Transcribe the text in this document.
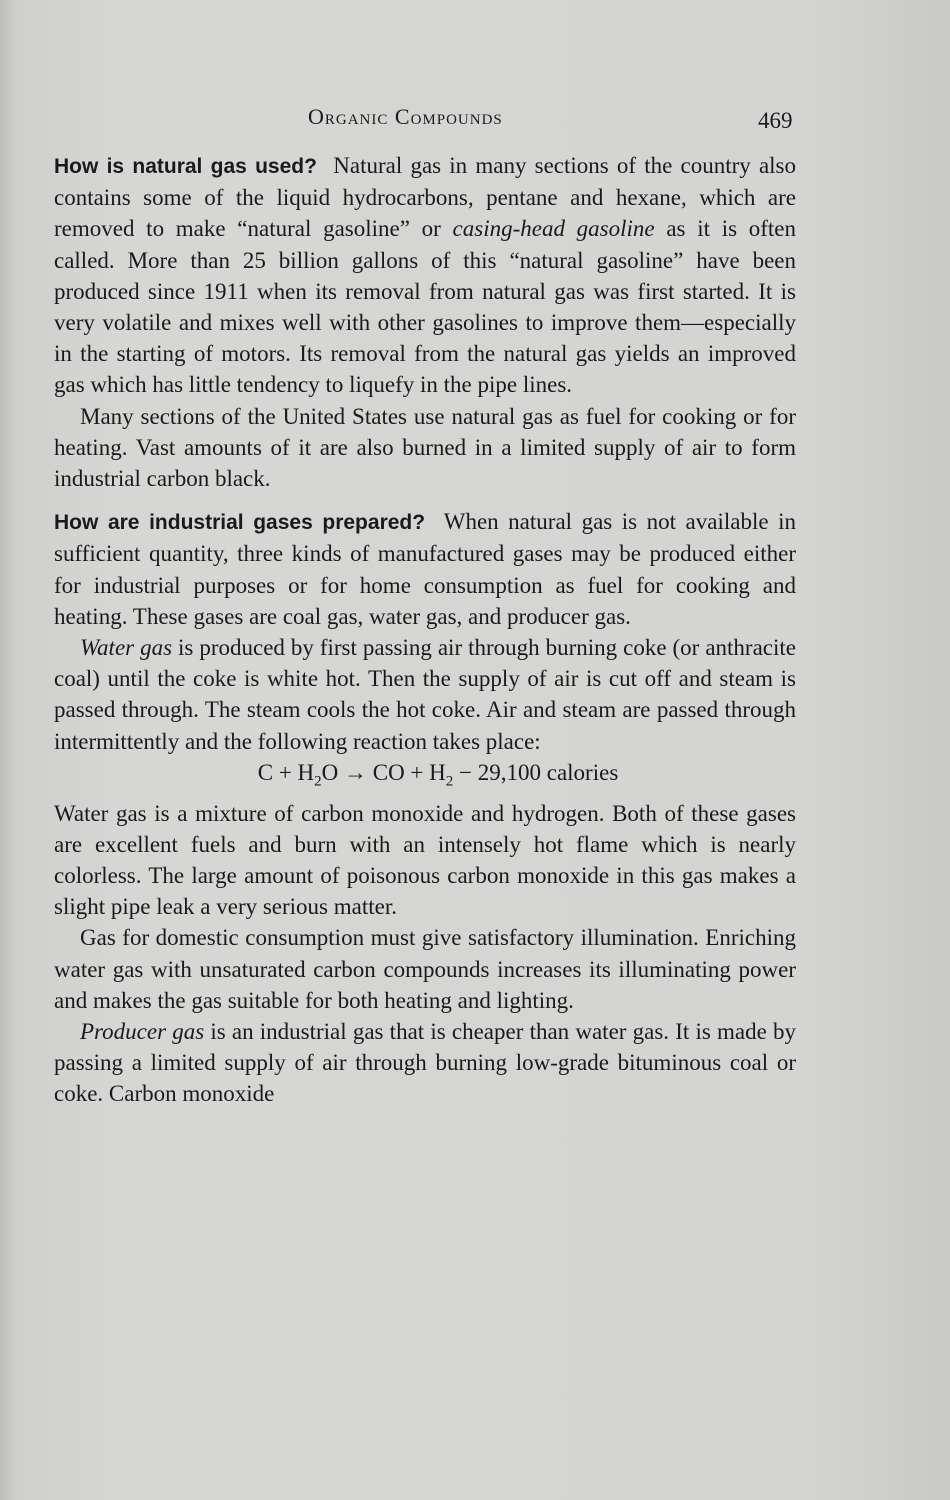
Organic Compounds	469

How is natural gas used? Natural gas in many sections of the country also contains some of the liquid hydrocarbons, pentane and hexane, which are removed to make “natural gasoline” or casing-head gasoline as it is often called. More than 25 billion gallons of this “natural gasoline” have been produced since 1911 when its removal from natural gas was first started. It is very volatile and mixes well with other gasolines to improve them—especially in the starting of motors. Its removal from the natural gas yields an improved gas which has little tendency to liquefy in the pipe lines.

Many sections of the United States use natural gas as fuel for cooking or for heating. Vast amounts of it are also burned in a limited supply of air to form industrial carbon black.

How are industrial gases prepared? When natural gas is not available in sufficient quantity, three kinds of manufactured gases may be produced either for industrial purposes or for home consumption as fuel for cooking and heating. These gases are coal gas, water gas, and producer gas.

Water gas is produced by first passing air through burning coke (or anthracite coal) until the coke is white hot. Then the supply of air is cut off and steam is passed through. The steam cools the hot coke. Air and steam are passed through intermittently and the following reaction takes place:

$C + H_2O$ → CO + $H_2 - 29,100$ calories

Water gas is a mixture of carbon monoxide and hydrogen. Both of these gases are excellent fuels and burn with an intensely hot flame which is nearly colorless. The large amount of poisonous carbon monoxide in this gas makes a slight pipe leak a very serious matter.

Gas for domestic consumption must give satisfactory illumination. Enriching water gas with unsaturated carbon compounds increases its illuminating power and makes the gas suitable for both heating and lighting.

Producer gas is an industrial gas that is cheaper than water gas. It is made by passing a limited supply of air through burning low-grade bituminous coal or coke. Carbon monoxide
